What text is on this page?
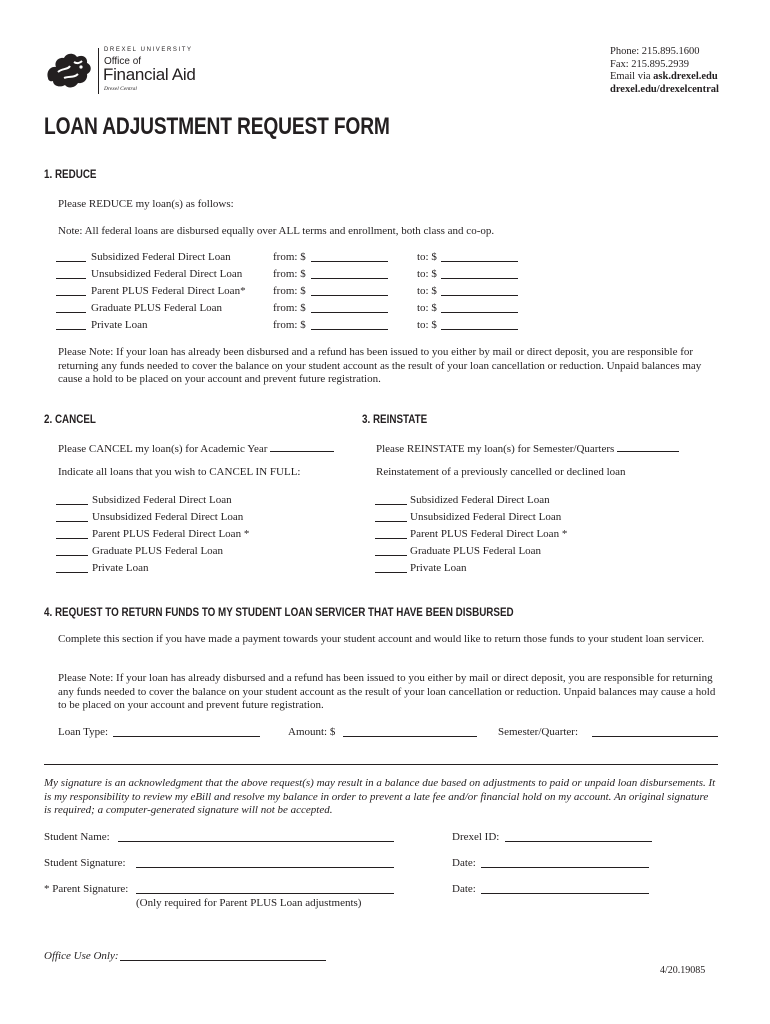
DREXEL UNIVERSITY
Office of
Financial Aid
Drexel Central
Phone: 215.895.1600
Fax: 215.895.2939
Email via ask.drexel.edu
drexel.edu/drexelcentral
LOAN ADJUSTMENT REQUEST FORM
1. REDUCE
Please REDUCE my loan(s) as follows:
Note: All federal loans are disbursed equally over ALL terms and enrollment, both class and co-op.
Subsidized Federal Direct Loan	from: $	to: $
Unsubsidized Federal Direct Loan	from: $	to: $
Parent PLUS Federal Direct Loan* from: $	to: $
Graduate PLUS Federal Loan	from: $	to: $
Private Loan	from: $	to: $
Please Note: If your loan has already been disbursed and a refund has been issued to you either by mail or direct deposit, you are responsible for returning any funds needed to cover the balance on your student account as the result of your loan cancellation or reduction. Unpaid balances may cause a hold to be placed on your account and prevent future registration.
2. CANCEL
Please CANCEL my loan(s) for Academic Year
Indicate all loans that you wish to CANCEL IN FULL:
Subsidized Federal Direct Loan
Unsubsidized Federal Direct Loan
Parent PLUS Federal Direct Loan *
Graduate PLUS Federal Loan
Private Loan
3. REINSTATE
Please REINSTATE my loan(s) for Semester/Quarters
Reinstatement of a previously cancelled or declined loan
Subsidized Federal Direct Loan
Unsubsidized Federal Direct Loan
Parent PLUS Federal Direct Loan *
Graduate PLUS Federal Loan
Private Loan
4. REQUEST TO RETURN FUNDS TO MY STUDENT LOAN SERVICER THAT HAVE BEEN DISBURSED
Complete this section if you have made a payment towards your student account and would like to return those funds to your student loan servicer.
Please Note: If your loan has already disbursed and a refund has been issued to you either by mail or direct deposit, you are responsible for returning any funds needed to cover the balance on your student account as the result of your loan cancellation or reduction. Unpaid balances may cause a hold to be placed on your account and prevent future registration.
Loan Type:	Amount: $	Semester/Quarter:
My signature is an acknowledgment that the above request(s) may result in a balance due based on adjustments to paid or unpaid loan disbursements. It is my responsibility to review my eBill and resolve my balance in order to prevent a late fee and/or financial hold on my account. An original signature is required; a computer-generated signature will not be accepted.
Student Name:	Drexel ID:
Student Signature:	Date:
* Parent Signature:	Date:
(Only required for Parent PLUS Loan adjustments)
Office Use Only:
4/20.19085
